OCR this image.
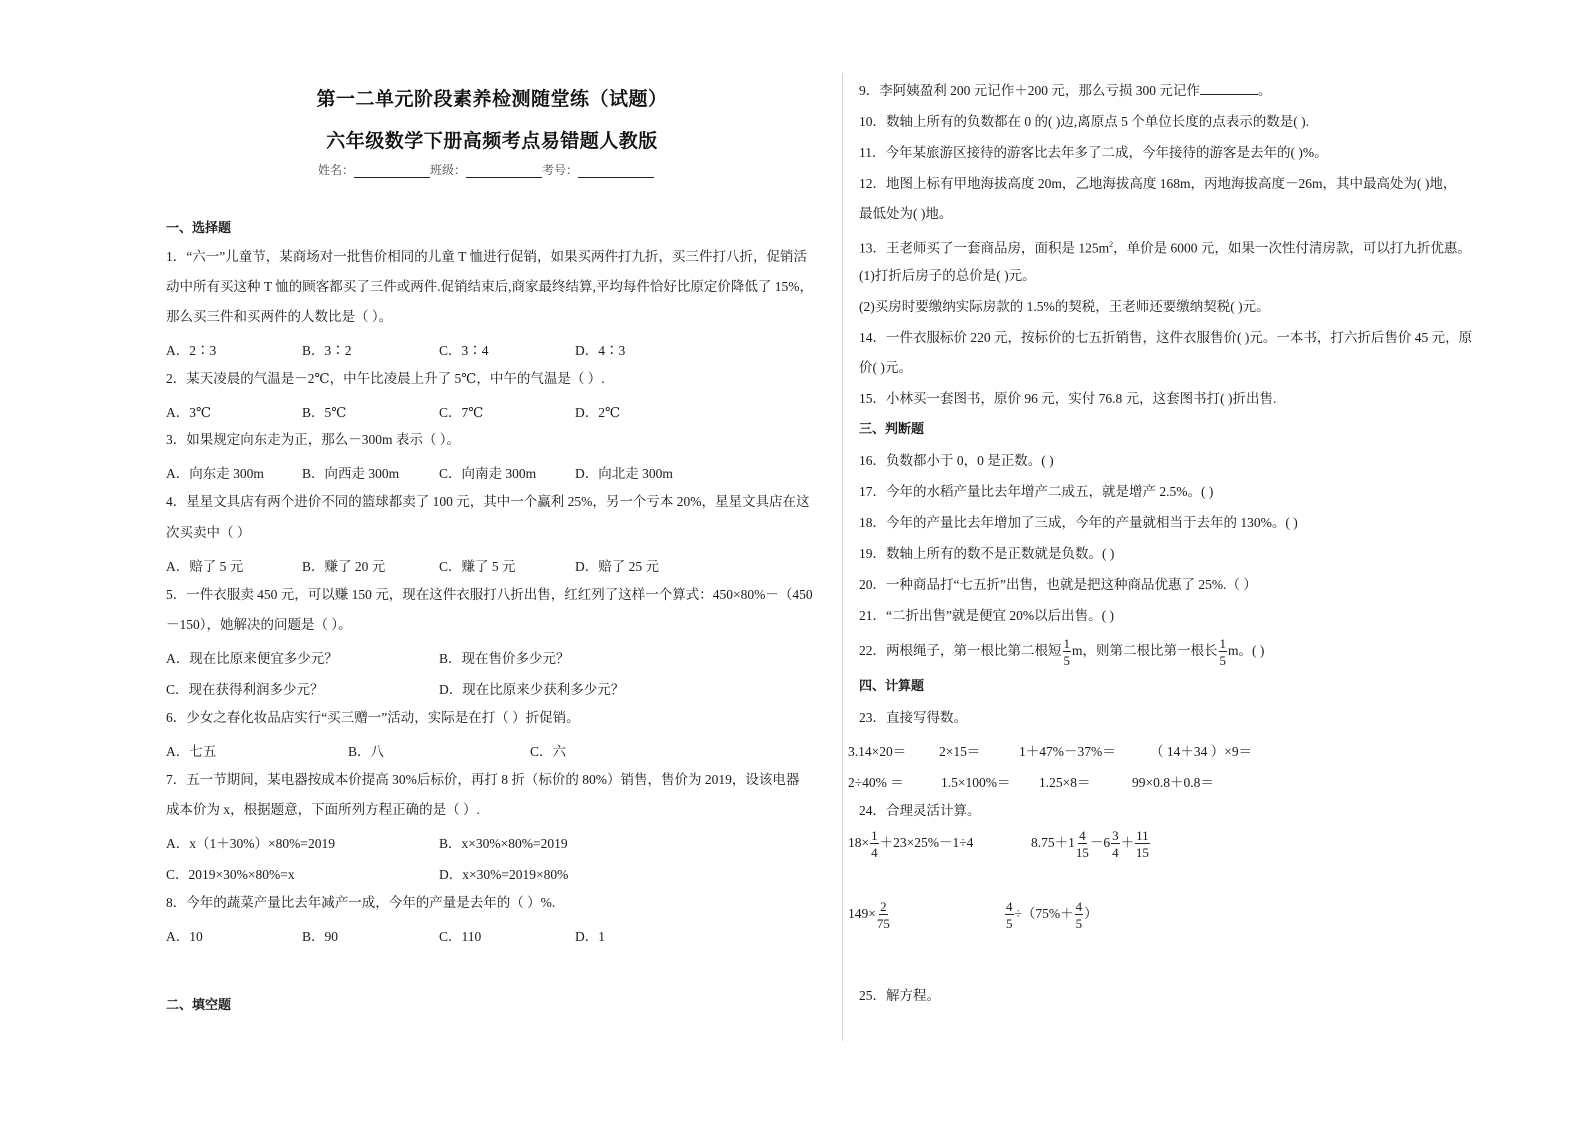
第一二单元阶段素养检测随堂练（试题）
六年级数学下册高频考点易错题人教版
姓名：	班级：	考号：
一、选择题
1．“六一”儿童节，某商场对一批售价相同的儿童 T 恤进行促销，如果买两件打九折，买三件打八折，促销活
动中所有买这种 T 恤的顾客都买了三件或两件.促销结束后,商家最终结算,平均每件恰好比原定价降低了 15%，
那么买三件和买两件的人数比是（ ）。
A．2∶3	B．3∶2	C．3∶4	D．4∶3
2．某天凌晨的气温是－2℃，中午比凌晨上升了 5℃，中午的气温是（ ）.
A．3℃	B．5℃	C．7℃	D．2℃
3．如果规定向东走为正，那么－300m 表示（ ）。
A．向东走 300m	B．向西走 300m	C．向南走 300m	D．向北走 300m
4．星星文具店有两个进价不同的篮球都卖了 100 元，其中一个赢利 25%，另一个亏本 20%，星星文具店在这
次买卖中（ ）
A．赔了 5 元	B．赚了 20 元	C．赚了 5 元	D．赔了 25 元
5．一件衣服卖 450 元，可以赚 150 元，现在这件衣服打八折出售，红红列了这样一个算式：450×80%－（450
－150），她解决的问题是（ ）。
A．现在比原来便宜多少元？	B．现在售价多少元？
C．现在获得利润多少元？	D．现在比原来少获利多少元？
6．少女之春化妆品店实行“买三赠一”活动，实际是在打（ ）折促销。
A．七五	B．八	C．六
7．五一节期间，某电器按成本价提高 30%后标价，再打 8 折（标价的 80%）销售，售价为 2019，设该电器
成本价为 x，根据题意，下面所列方程正确的是（ ）.
A．x（1＋30%）×80%=2019	B．x×30%×80%=2019
C．2019×30%×80%=x	D．x×30%=2019×80%
8．今年的蔬菜产量比去年减产一成，今年的产量是去年的（ ）%.
A．10	B．90	C．110	D．1
二、填空题
9．李阿姨盈利 200 元记作＋200 元，那么亏损 300 元记作	。
10．数轴上所有的负数都在 0 的( )边,离原点 5 个单位长度的点表示的数是( ).
11．今年某旅游区接待的游客比去年多了二成，今年接待的游客是去年的( )%。
12．地图上标有甲地海拔高度 20m，乙地海拔高度 168m，丙地海拔高度－26m，其中最高处为( )地，
最低处为( )地。
13．王老师买了一套商品房，面积是 $125m^2$，单价是 6000 元，如果一次性付清房款，可以打九折优惠。
(1)打折后房子的总价是( )元。
(2)买房时要缴纳实际房款的 1.5%的契税，王老师还要缴纳契税( )元。
14．一件衣服标价 220 元，按标价的七五折销售，这件衣服售价( )元。一本书，打六折后售价 45 元，原
价( )元。
15．小林买一套图书，原价 96 元，实付 76.8 元，这套图书打( )折出售.
三、判断题
16．负数都小于 0，0 是正数。( )
17．今年的水稻产量比去年增产二成五，就是增产 2.5%。( )
18．今年的产量比去年增加了三成，今年的产量就相当于去年的 130%。( )
19．数轴上所有的数不是正数就是负数。( )
20．一种商品打“七五折”出售，也就是把这种商品优惠了 25%.（ ）
21．“二折出售”就是便宜 20%以后出售。( )
22．两根绳子，第一根比第二根短 $\frac{1}{5}$ m，则第二根比第一根长 $\frac{1}{5}$ m。( )
四、计算题
23．直接写得数。
3.14×20＝ 2×15＝	1＋47%－37%＝	（ 14＋34 ）×9＝
2÷40% ＝	1.5×100%＝ 1.25×8＝	99×0.8＋0.8＝
24．合理灵活计算。
$18\times \frac{1}{4} +23\times 25\%-1\div 4$	$8.75+1 \frac{4}{15} -6 \frac{3}{4} + \frac{11}{15}$
$149\times \frac{2}{75}$	$\frac{4}{5} \div(75\%+ \frac{4}{5}$ ）
25．解方程。
